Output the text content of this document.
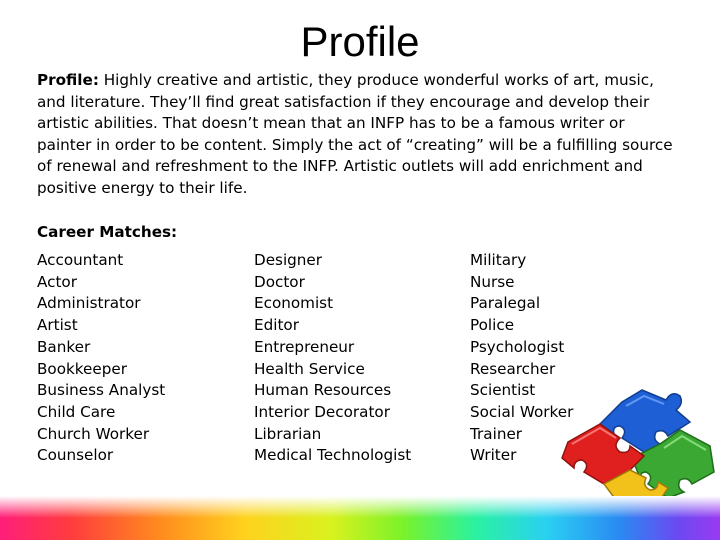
Profile
Profile: Highly creative and artistic, they produce wonderful works of art, music, and literature. They’ll find great satisfaction if they encourage and develop their artistic abilities. That doesn’t mean that an INFP has to be a famous writer or painter in order to be content. Simply the act of “creating” will be a fulfilling source of renewal and refreshment to the INFP. Artistic outlets will add enrichment and positive energy to their life.
Career Matches:
Accountant
Actor
Administrator
Artist
Banker
Bookkeeper
Business Analyst
Child Care
Church Worker
Counselor
Designer
Doctor
Economist
Editor
Entrepreneur
Health Service
Human Resources
Interior Decorator
Librarian
Medical Technologist
Military
Nurse
Paralegal
Police
Psychologist
Researcher
Scientist
Social Worker
Trainer
Writer
